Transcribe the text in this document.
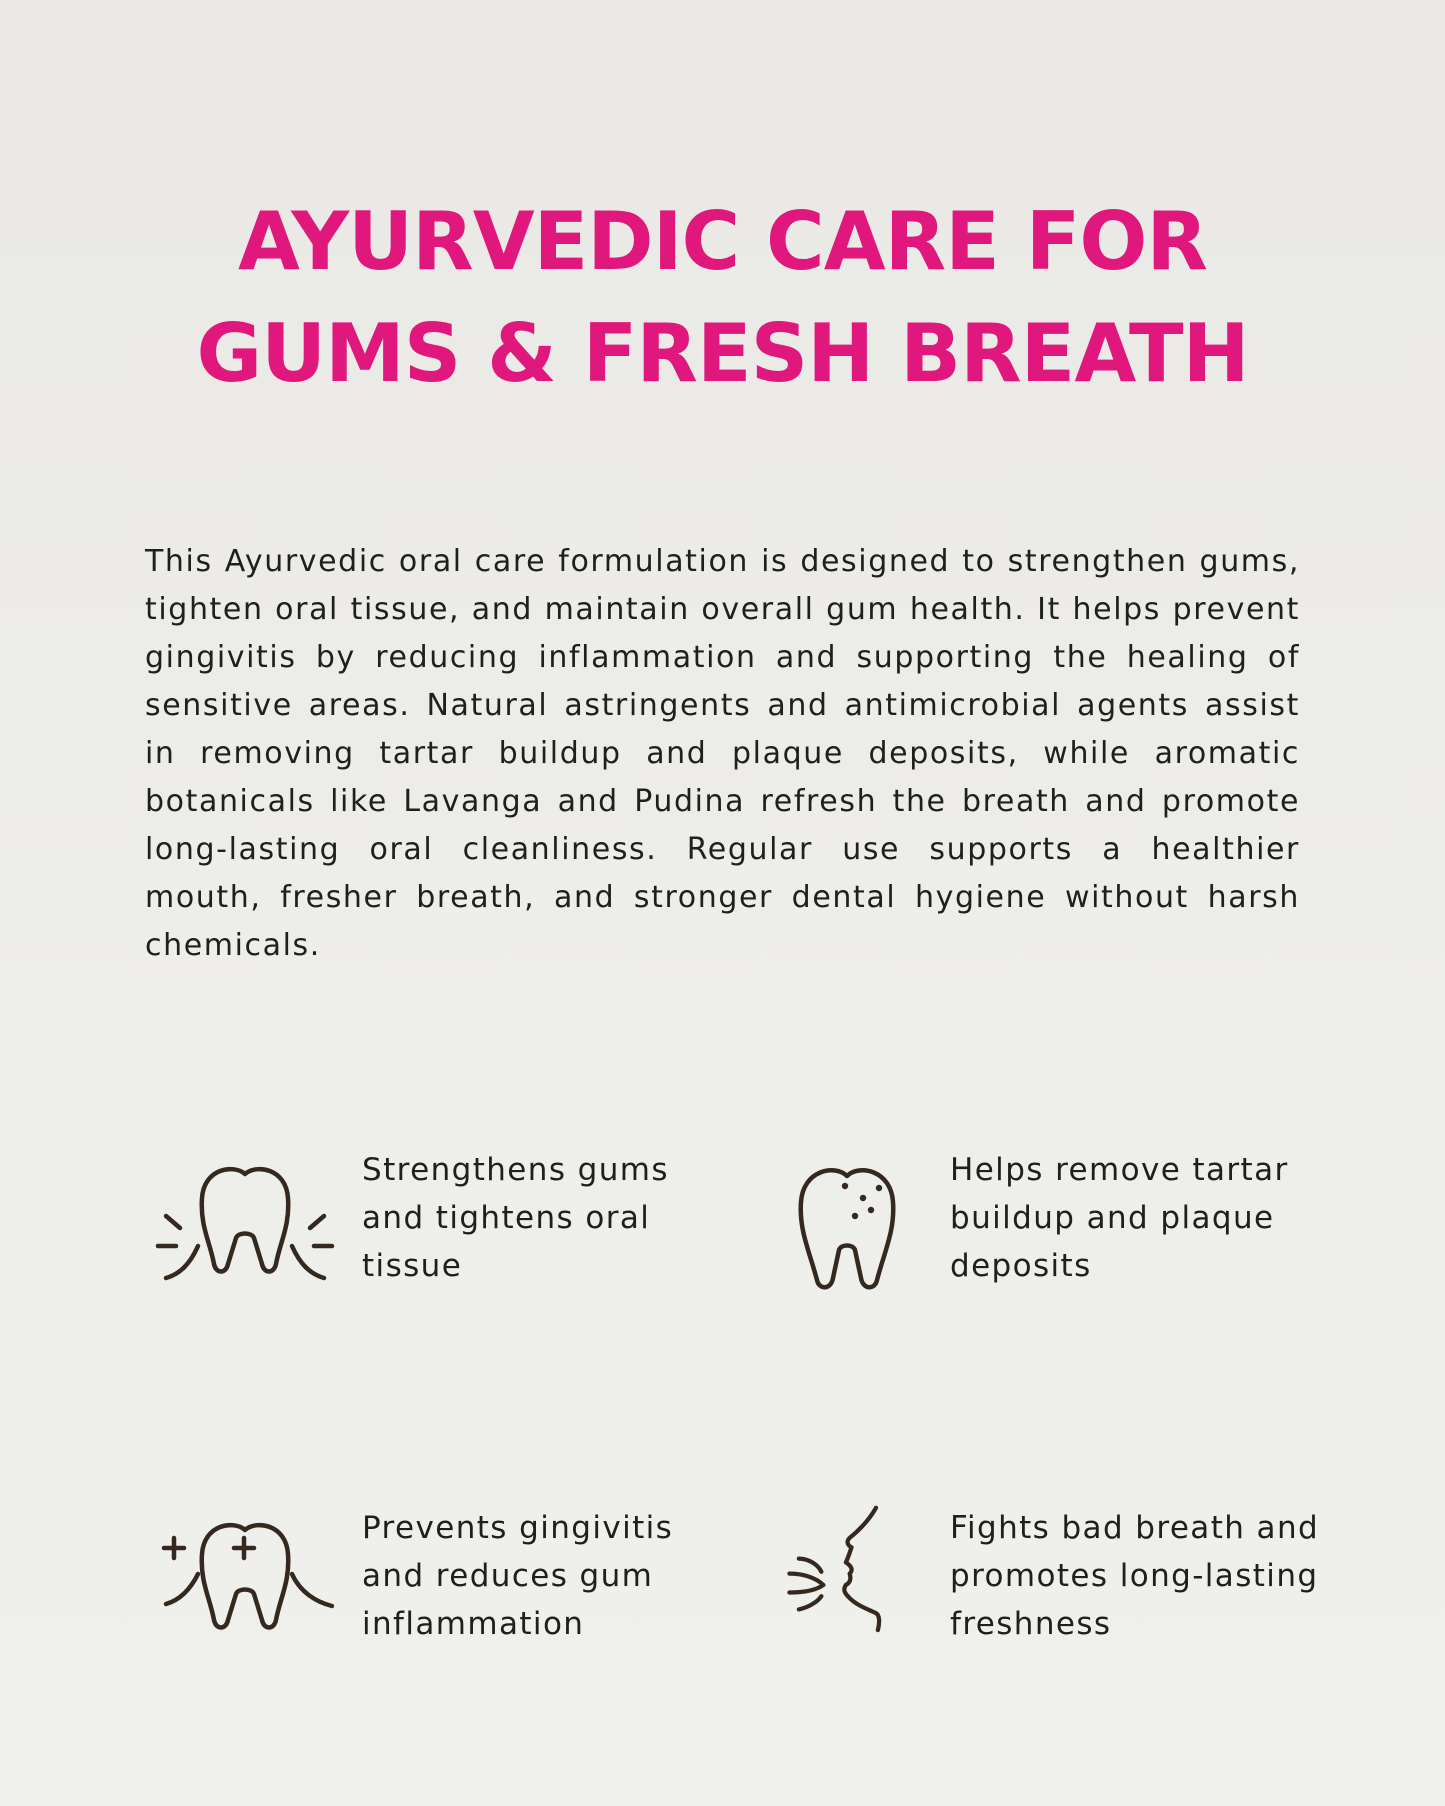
AYURVEDIC CARE FOR
GUMS & FRESH BREATH

This Ayurvedic oral care formulation is designed to strengthen gums, tighten oral tissue, and maintain overall gum health. It helps prevent gingivitis by reducing inflammation and supporting the healing of sensitive areas. Natural astringents and antimicrobial agents assist in removing tartar buildup and plaque deposits, while aromatic botanicals like Lavanga and Pudina refresh the breath and promote long-lasting oral cleanliness. Regular use supports a healthier mouth, fresher breath, and stronger dental hygiene without harsh chemicals.

Strengthens gums and tightens oral tissue

Helps remove tartar buildup and plaque deposits

Prevents gingivitis and reduces gum inflammation

Fights bad breath and promotes long-lasting freshness
